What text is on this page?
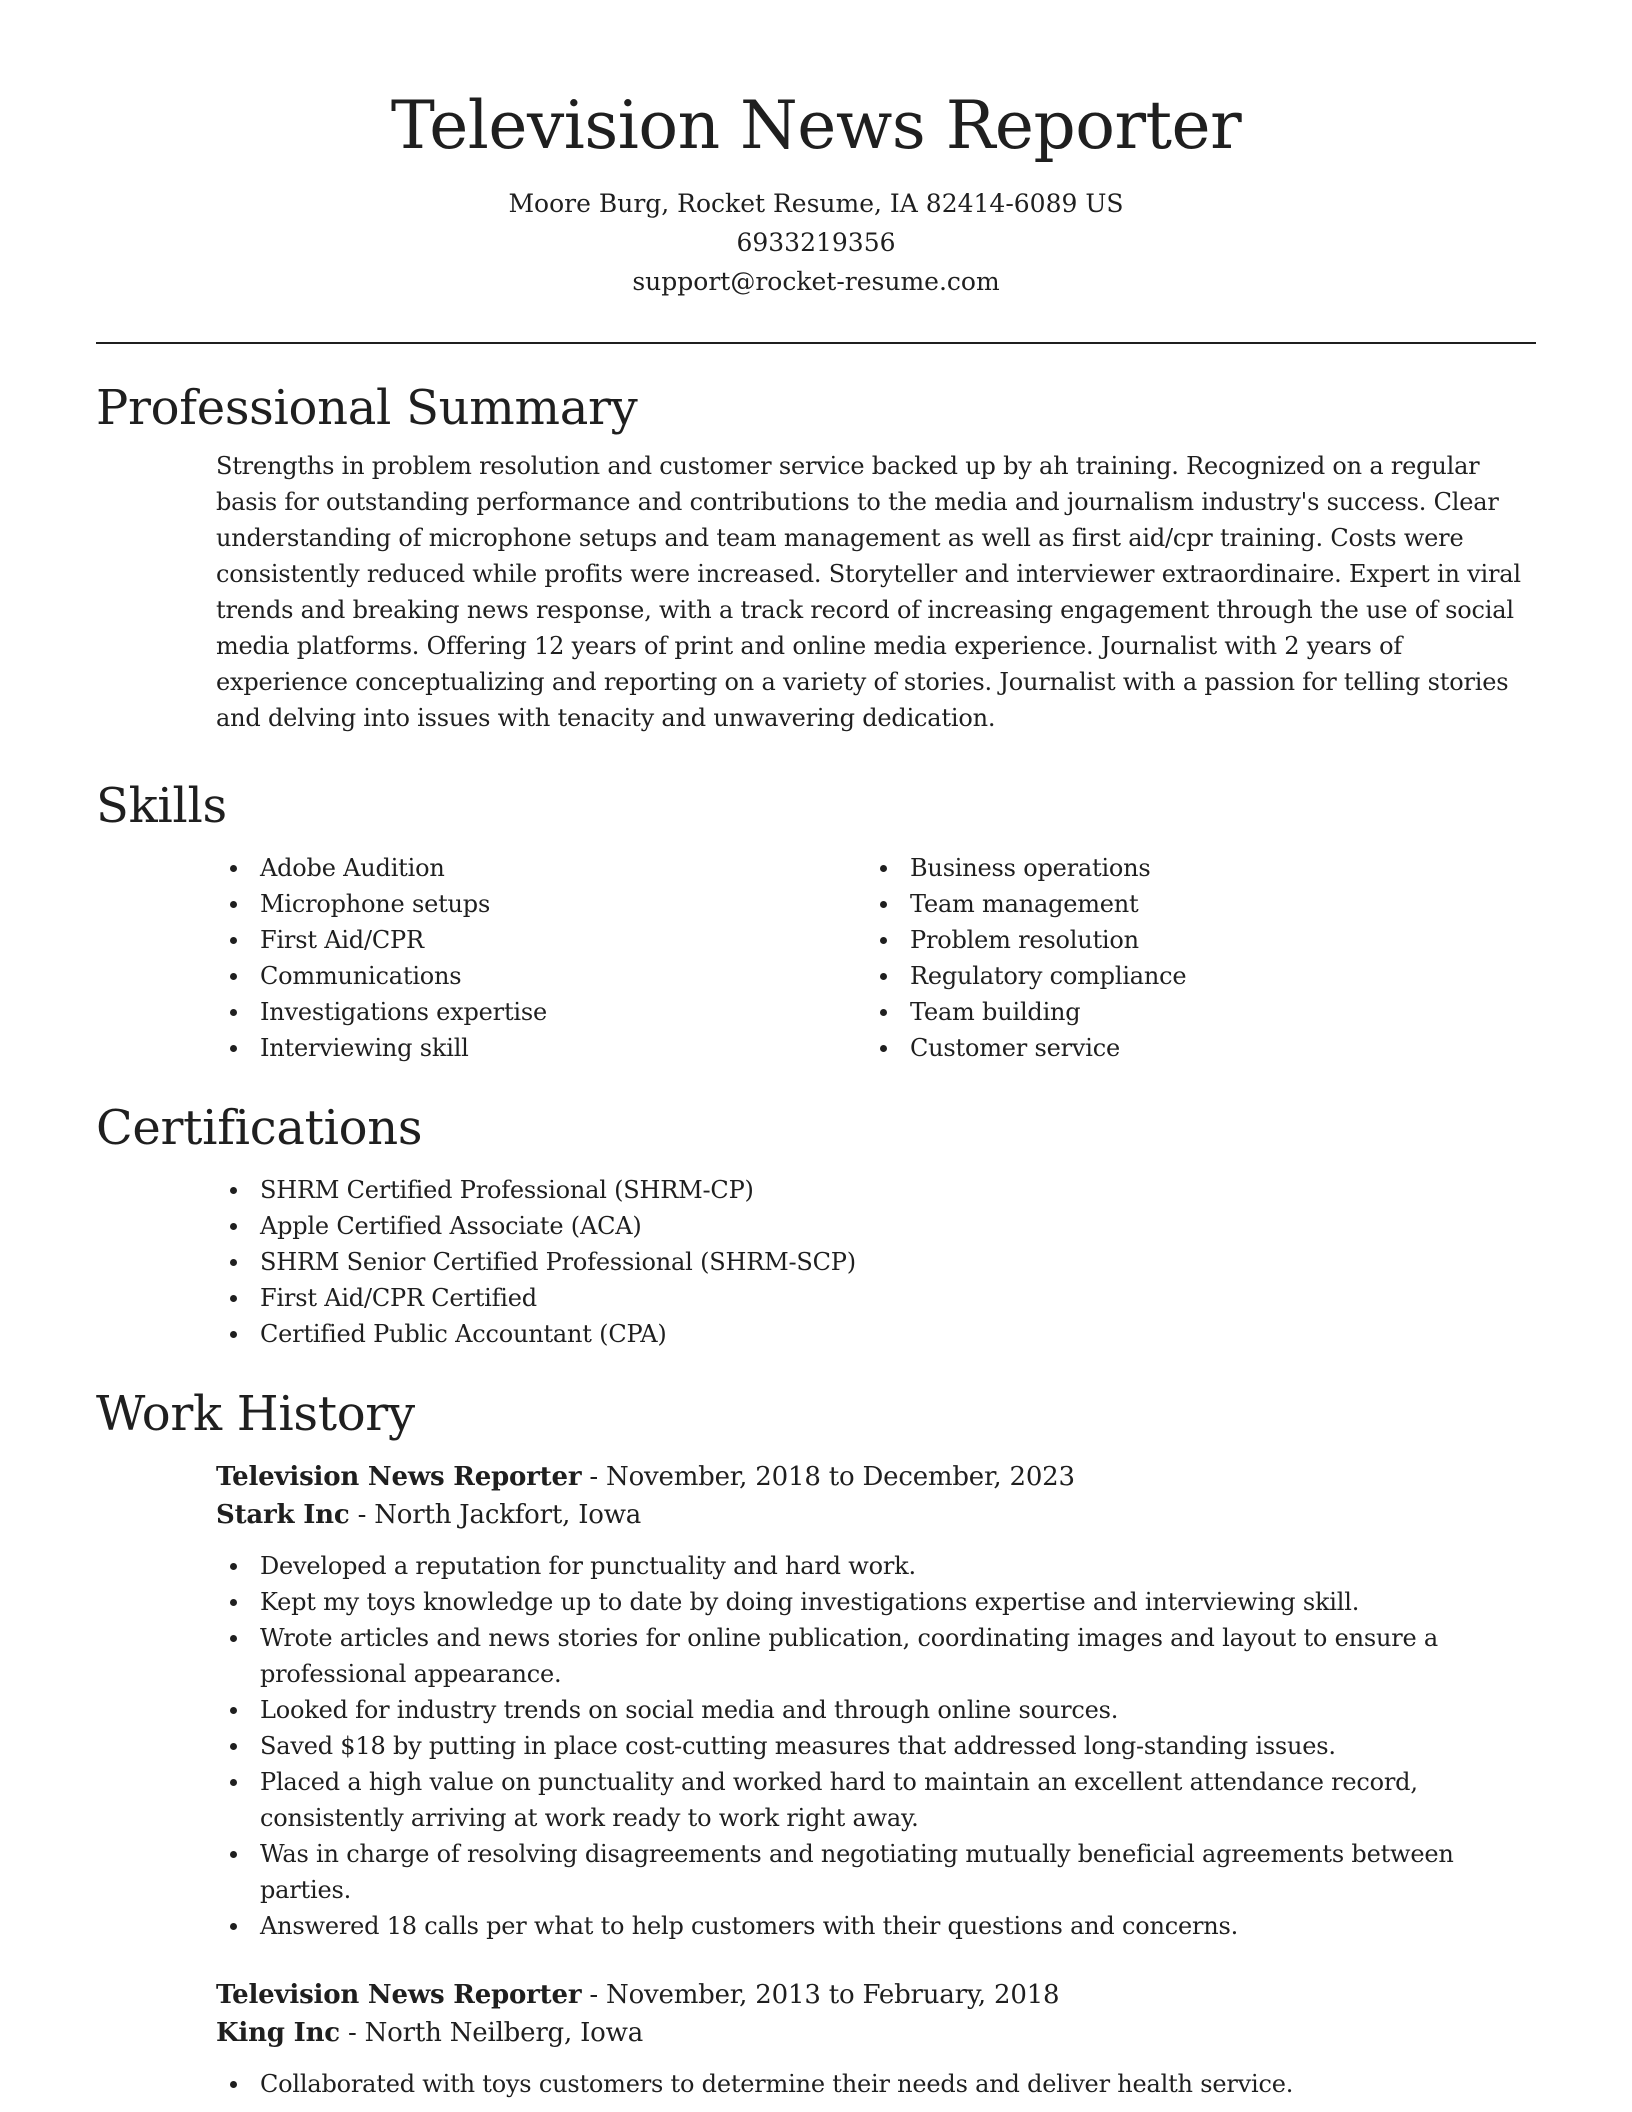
Television News Reporter
Moore Burg, Rocket Resume, IA 82414-6089 US
6933219356
support@rocket-resume.com
Professional Summary

Strengths in problem resolution and customer service backed up by ah training. Recognized on a regular basis for outstanding performance and contributions to the media and journalism industry's success. Clear understanding of microphone setups and team management as well as first aid/cpr training. Costs were consistently reduced while profits were increased. Storyteller and interviewer extraordinaire. Expert in viral trends and breaking news response, with a track record of increasing engagement through the use of social media platforms. Offering 12 years of print and online media experience. Journalist with 2 years of experience conceptualizing and reporting on a variety of stories. Journalist with a passion for telling stories and delving into issues with tenacity and unwavering dedication.

Skills
Adobe Audition
Microphone setups
First Aid/CPR
Communications
Investigations expertise
Interviewing skill
Business operations
Team management
Problem resolution
Regulatory compliance
Team building
Customer service
Certifications
SHRM Certified Professional (SHRM-CP)
Apple Certified Associate (ACA)
SHRM Senior Certified Professional (SHRM-SCP)
First Aid/CPR Certified
Certified Public Accountant (CPA)
Work History
Television News Reporter - November, 2018 to December, 2023
Stark Inc - North Jackfort, Iowa
Developed a reputation for punctuality and hard work.
Kept my toys knowledge up to date by doing investigations expertise and interviewing skill.
Wrote articles and news stories for online publication, coordinating images and layout to ensure a professional appearance.
Looked for industry trends on social media and through online sources.
Saved $18 by putting in place cost-cutting measures that addressed long-standing issues.
Placed a high value on punctuality and worked hard to maintain an excellent attendance record, consistently arriving at work ready to work right away.
Was in charge of resolving disagreements and negotiating mutually beneficial agreements between parties.
Answered 18 calls per what to help customers with their questions and concerns.
Television News Reporter - November, 2013 to February, 2018
King Inc - North Neilberg, Iowa
Collaborated with toys customers to determine their needs and deliver health service.
